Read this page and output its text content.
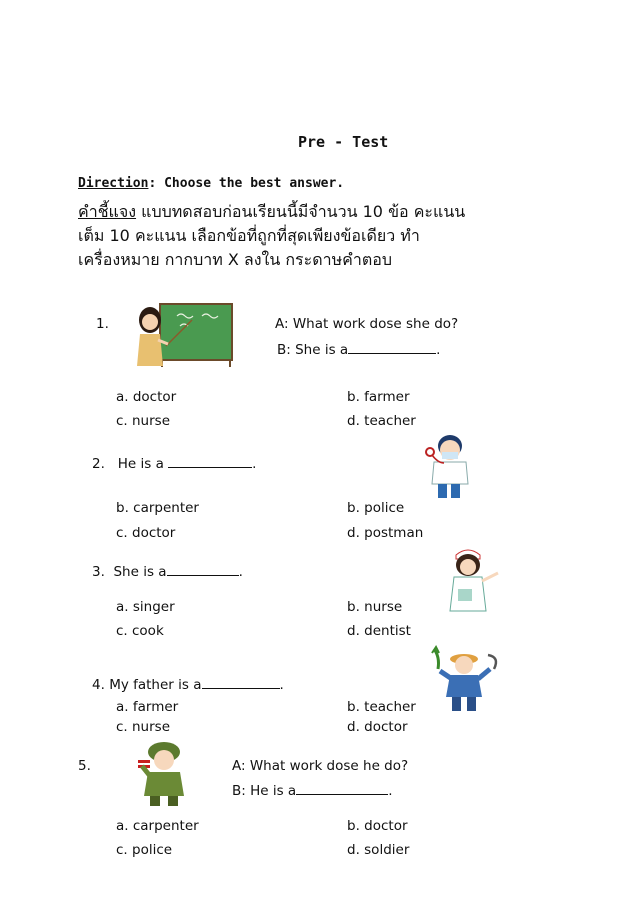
Pre - Test
Direction: Choose the best answer.
คำชี้แจง แบบทดสอบก่อนเรียนนี้มีจำนวน 10 ข้อ คะแนนเต็ม 10 คะแนน เลือกข้อที่ถูกที่สุดเพียงข้อเดียว ทำเครื่องหมาย กากบาท X ลงใน กระดาษคำตอบ
1.	A: What work dose she do?
B: She is a	.
a. doctor	b. farmer
c. nurse	d. teacher
2. He is a	.
b. carpenter	b. police
c. doctor	d. postman
3. She is a	.
a. singer	b. nurse
c. cook	d. dentist
4. My father is a	.
a. farmer	b. teacher
c. nurse	d. doctor
5.	A: What work dose he do?
B: He is a	.
a. carpenter	b. doctor
c. police	d. soldier
